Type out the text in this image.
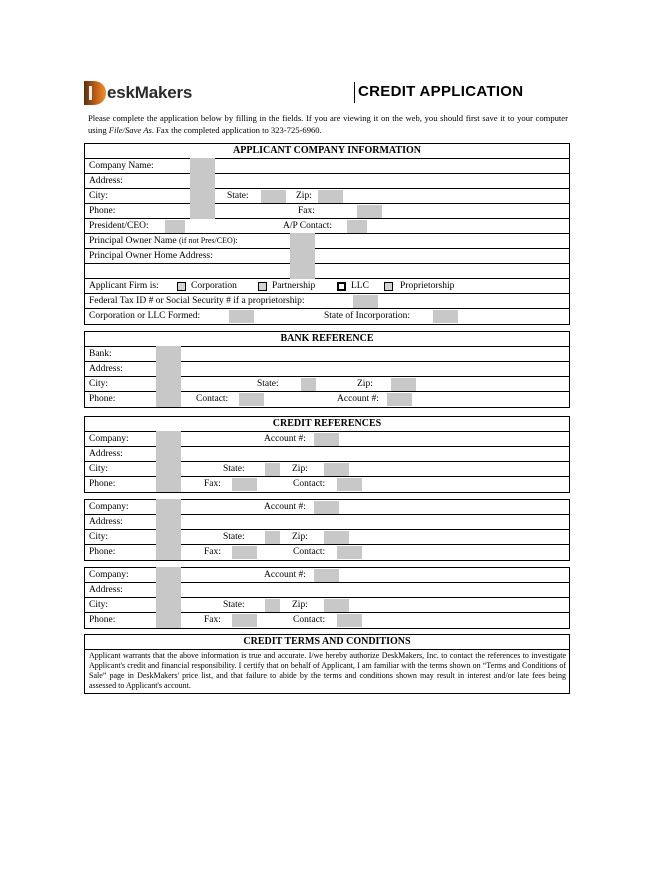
eskMakers	CREDIT APPLICATION
Please complete the application below by filling in the fields. If you are viewing it on the web, you should first save it to your computer using File/Save As. Fax the completed application to 323-725-6960.
APPLICANT COMPANY INFORMATION
Company Name:
Address:
City:	State:	Zip:
Phone:	Fax:
President/CEO:	A/P Contact:
Principal Owner Name (if not Pres/CEO):
Principal Owner Home Address:
Applicant Firm is:	Corporation	Partnership	LLC	Proprietorship
Federal Tax ID # or Social Security # if a proprietorship:
Corporation or LLC Formed:	State of Incorporation:
BANK REFERENCE
Bank:
Address:
City:	State:	Zip:
Phone:	Contact:	Account #:
CREDIT REFERENCES
Company:	Account #:
Address:
City:	State:	Zip:
Phone:	Fax:	Contact:
Company:	Account #:
Address:
City:	State:	Zip:
Phone:	Fax:	Contact:
Company:	Account #:
Address:
City:	State:	Zip:
Phone:	Fax:	Contact:
CREDIT TERMS AND CONDITIONS
Applicant warrants that the above information is true and accurate. I/we hereby authorize DeskMakers, Inc. to contact the references to investigate Applicant's credit and financial responsibility. I certify that on behalf of Applicant, I am familiar with the terms shown on “Terms and Conditions of Sale” page in DeskMakers' price list, and that failure to abide by the terms and conditions shown may result in interest and/or late fees being assessed to Applicant's account.
